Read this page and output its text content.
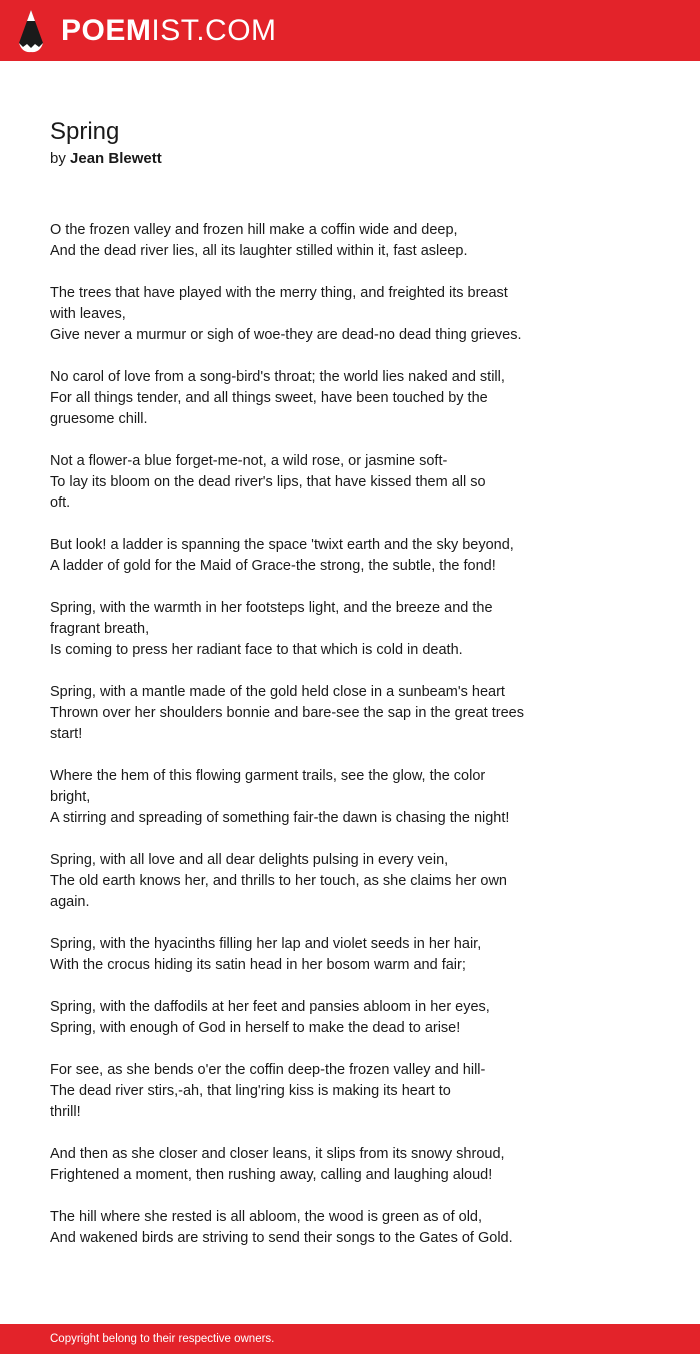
POEMIST.COM
Spring
by Jean Blewett
O the frozen valley and frozen hill make a coffin wide and deep,
And the dead river lies, all its laughter stilled within it, fast asleep.
The trees that have played with the merry thing, and freighted its breast
with leaves,
Give never a murmur or sigh of woe-they are dead-no dead thing grieves.
No carol of love from a song-bird's throat; the world lies naked and still,
For all things tender, and all things sweet, have been touched by the
gruesome chill.
Not a flower-a blue forget-me-not, a wild rose, or jasmine soft-
To lay its bloom on the dead river's lips, that have kissed them all so
oft.
But look! a ladder is spanning the space 'twixt earth and the sky beyond,
A ladder of gold for the Maid of Grace-the strong, the subtle, the fond!
Spring, with the warmth in her footsteps light, and the breeze and the
fragrant breath,
Is coming to press her radiant face to that which is cold in death.
Spring, with a mantle made of the gold held close in a sunbeam's heart
Thrown over her shoulders bonnie and bare-see the sap in the great trees
start!
Where the hem of this flowing garment trails, see the glow, the color
bright,
A stirring and spreading of something fair-the dawn is chasing the night!
Spring, with all love and all dear delights pulsing in every vein,
The old earth knows her, and thrills to her touch, as she claims her own
again.
Spring, with the hyacinths filling her lap and violet seeds in her hair,
With the crocus hiding its satin head in her bosom warm and fair;
Spring, with the daffodils at her feet and pansies abloom in her eyes,
Spring, with enough of God in herself to make the dead to arise!
For see, as she bends o'er the coffin deep-the frozen valley and hill-
The dead river stirs,-ah, that ling'ring kiss is making its heart to
thrill!
And then as she closer and closer leans, it slips from its snowy shroud,
Frightened a moment, then rushing away, calling and laughing aloud!
The hill where she rested is all abloom, the wood is green as of old,
And wakened birds are striving to send their songs to the Gates of Gold.
Copyright belong to their respective owners.
